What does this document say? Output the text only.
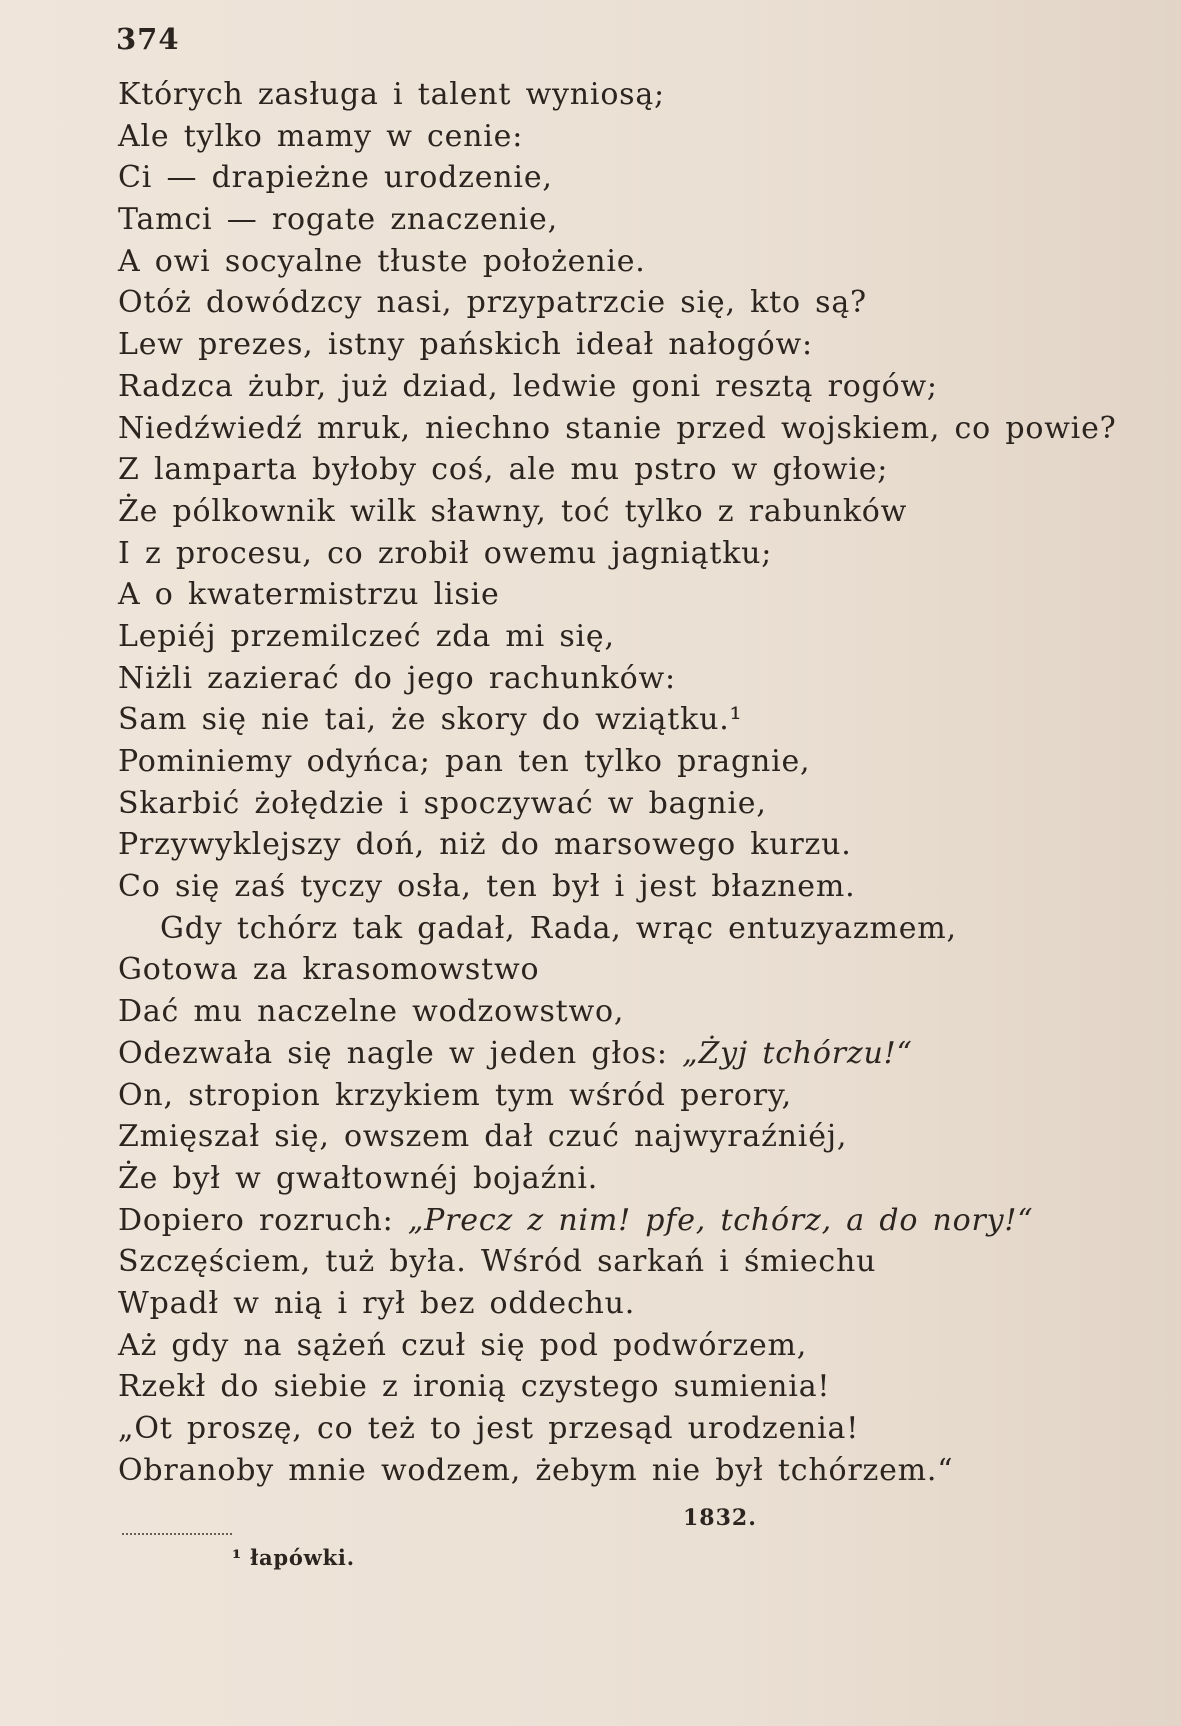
374
Których zasługa i talent wyniosą;
Ale tylko mamy w cenie:
Ci — drapieżne urodzenie,
Tamci — rogate znaczenie,
A owi socyalne tłuste położenie.
Otóż dowódzcy nasi, przypatrzcie się, kto są?
Lew prezes, istny pańskich ideał nałogów:
Radzca żubr, już dziad, ledwie goni resztą rogów;
Niedźwiedź mruk, niechno stanie przed wojskiem, co powie?
Z lamparta byłoby coś, ale mu pstro w głowie;
Że pólkownik wilk sławny, toć tylko z rabunków
I z procesu, co zrobił owemu jagniątku;
A o kwatermistrzu lisie
Lepiéj przemilczeć zda mi się,
Niżli zazierać do jego rachunków:
Sam się nie tai, że skory do wziątku.¹
Pominiemy odyńca; pan ten tylko pragnie,
Skarbić żołędzie i spoczywać w bagnie,
Przywyklejszy doń, niż do marsowego kurzu.
Co się zaś tyczy osła, ten był i jest błaznem.
Gdy tchórz tak gadał, Rada, wrąc entuzyazmem,
Gotowa za krasomowstwo
Dać mu naczelne wodzowstwo,
Odezwała się nagle w jeden głos: „Żyj tchórzu!“
On, stropion krzykiem tym wśród perory,
Zmięszał się, owszem dał czuć najwyraźniéj,
Że był w gwałtownéj bojaźni.
Dopiero rozruch: „Precz z nim! pfe, tchórz, a do nory!“
Szczęściem, tuż była. Wśród sarkań i śmiechu
Wpadł w nią i rył bez oddechu.
Aż gdy na sążeń czuł się pod podwórzem,
Rzekł do siebie z ironią czystego sumienia!
„Ot proszę, co też to jest przesąd urodzenia!
Obranoby mnie wodzem, żebym nie był tchórzem.“
1832.
¹ łapówki.
